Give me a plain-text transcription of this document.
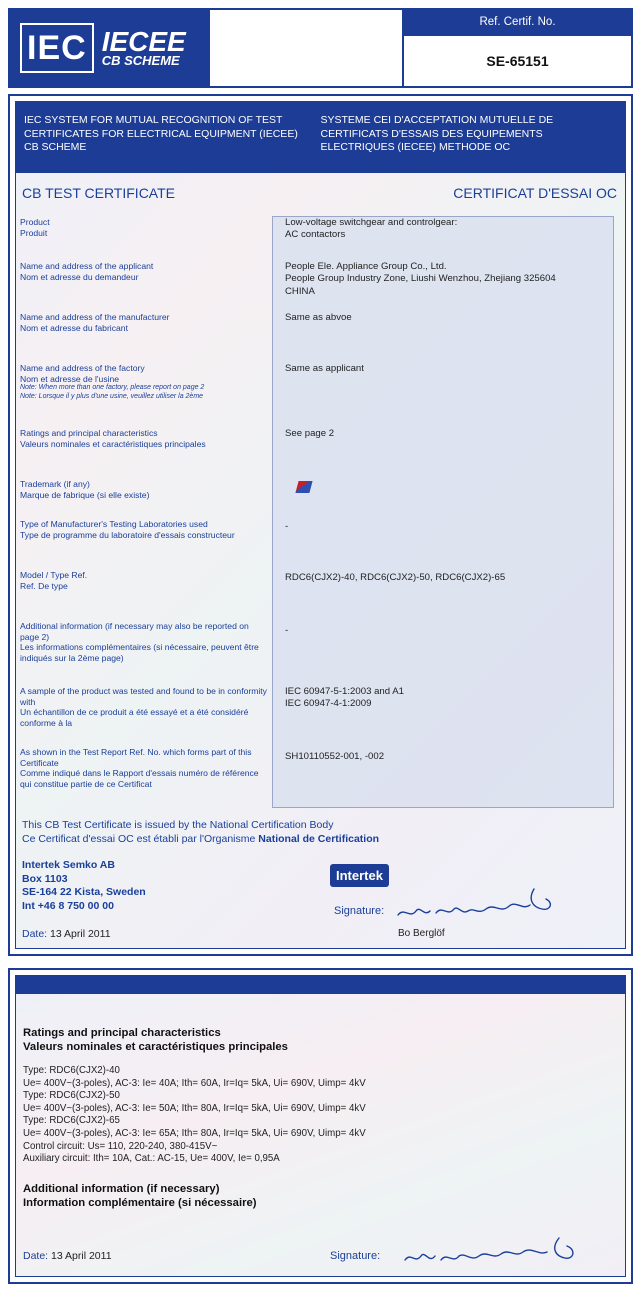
IEC IECEE
CB SCHEME
Ref. Certif. No.
SE-65151
IEC SYSTEM FOR MUTUAL RECOGNITION OF TEST CERTIFICATES FOR ELECTRICAL EQUIPMENT (IECEE) CB SCHEME
SYSTEME CEI D'ACCEPTATION MUTUELLE DE CERTIFICATS D'ESSAIS DES EQUIPEMENTS ELECTRIQUES (IECEE) METHODE OC
CB TEST CERTIFICATE	CERTIFICAT D'ESSAI OC
Product
Produit
Low-voltage switchgear and controlgear:
AC contactors
Name and address of the applicant
Nom et adresse du demandeur
People Ele. Appliance Group Co., Ltd.
People Group Industry Zone, Liushi Wenzhou, Zhejiang 325604
CHINA
Name and address of the manufacturer
Nom et adresse du fabricant
Same as abvoe
Name and address of the factory
Nom et adresse de l'usine
Note: When more than one factory, please report on page 2
Note: Lorsque il y plus d'une usine, veuillez utiliser la 2ème
Same as applicant
Ratings and principal characteristics
Valeurs nominales et caractéristiques principales
See page 2
Trademark (if any)
Marque de fabrique (si elle existe)
Type of Manufacturer's Testing Laboratories used
Type de programme du laboratoire d'essais constructeur
-
Model / Type Ref.
Ref. De type
RDC6(CJX2)-40, RDC6(CJX2)-50, RDC6(CJX2)-65
Additional information (if necessary may also be reported on page 2)
Les informations complémentaires (si nécessaire, peuvent être indiqués sur la 2ème page)
-
A sample of the product was tested and found to be in conformity with
Un échantillon de ce produit a été essayé et a été considéré conforme à la
IEC 60947-5-1:2003 and A1
IEC 60947-4-1:2009
As shown in the Test Report Ref. No. which forms part of this Certificate
Comme indiqué dans le Rapport d'essais numéro de référence qui constitue partie de ce Certificat
SH10110552-001, -002
This CB Test Certificate is issued by the National Certification Body
Ce Certificat d'essai OC est établi par l'Organisme National de Certification
Intertek Semko AB
Box 1103
SE-164 22 Kista, Sweden
Int +46 8 750 00 00
Intertek
Signature:
Bo Berglöf
Date: 13 April 2011
Ratings and principal characteristics
Valeurs nominales et caractéristiques principales
Type: RDC6(CJX2)-40
Ue= 400V~(3-poles), AC-3: Ie= 40A; Ith= 60A, Ir=Iq= 5kA, Ui= 690V, Uimp= 4kV
Type: RDC6(CJX2)-50
Ue= 400V~(3-poles), AC-3: Ie= 50A; Ith= 80A, Ir=Iq= 5kA, Ui= 690V, Uimp= 4kV
Type: RDC6(CJX2)-65
Ue= 400V~(3-poles), AC-3: Ie= 65A; Ith= 80A, Ir=Iq= 5kA, Ui= 690V, Uimp= 4kV
Control circuit: Us= 110, 220-240, 380-415V~
Auxiliary circuit: Ith= 10A, Cat.: AC-15, Ue= 400V, Ie= 0,95A
Additional information (if necessary)
Information complémentaire (si nécessaire)
Date: 13 April 2011	Signature:
